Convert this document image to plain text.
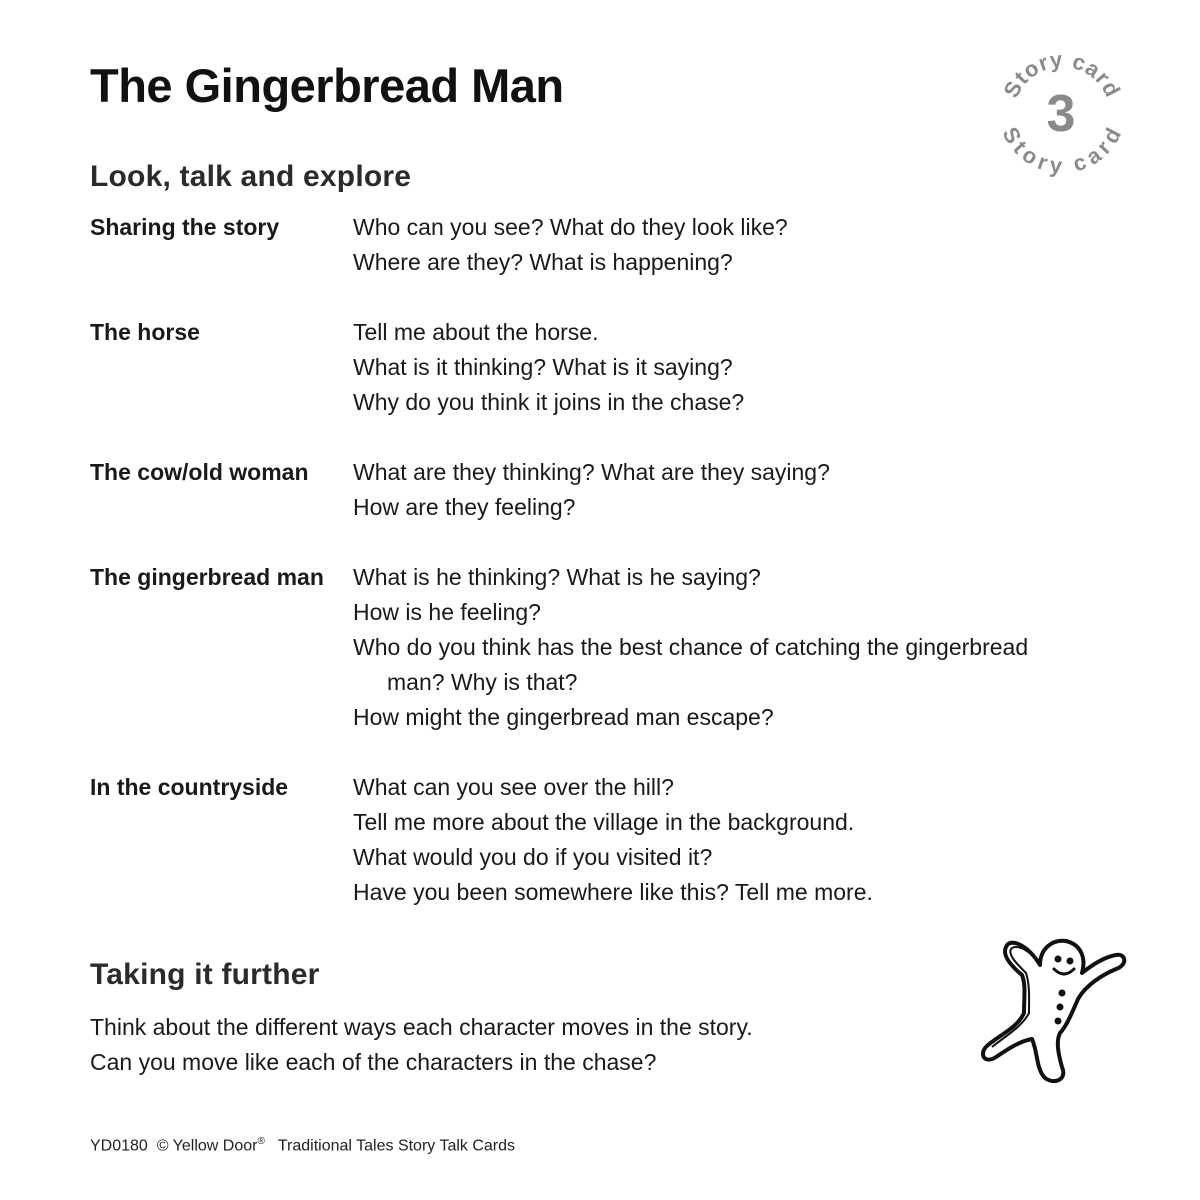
The Gingerbread Man	Story card
Story card
3
Look, talk and explore
Sharing the story	Who can you see? What do they look like?
Where are they? What is happening?
The horse	Tell me about the horse.
What is it thinking? What is it saying?
Why do you think it joins in the chase?
The cow/old woman	What are they thinking? What are they saying?
How are they feeling?
The gingerbread man	What is he thinking? What is he saying?
How is he feeling?
Who do you think has the best chance of catching the gingerbread
man? Why is that?
How might the gingerbread man escape?
In the countryside	What can you see over the hill?
Tell me more about the village in the background.
What would you do if you visited it?
Have you been somewhere like this? Tell me more.
Taking it further
Think about the different ways each character moves in the story.
Can you move like each of the characters in the chase?
YD0180 © Yellow Door® Traditional Tales Story Talk Cards
